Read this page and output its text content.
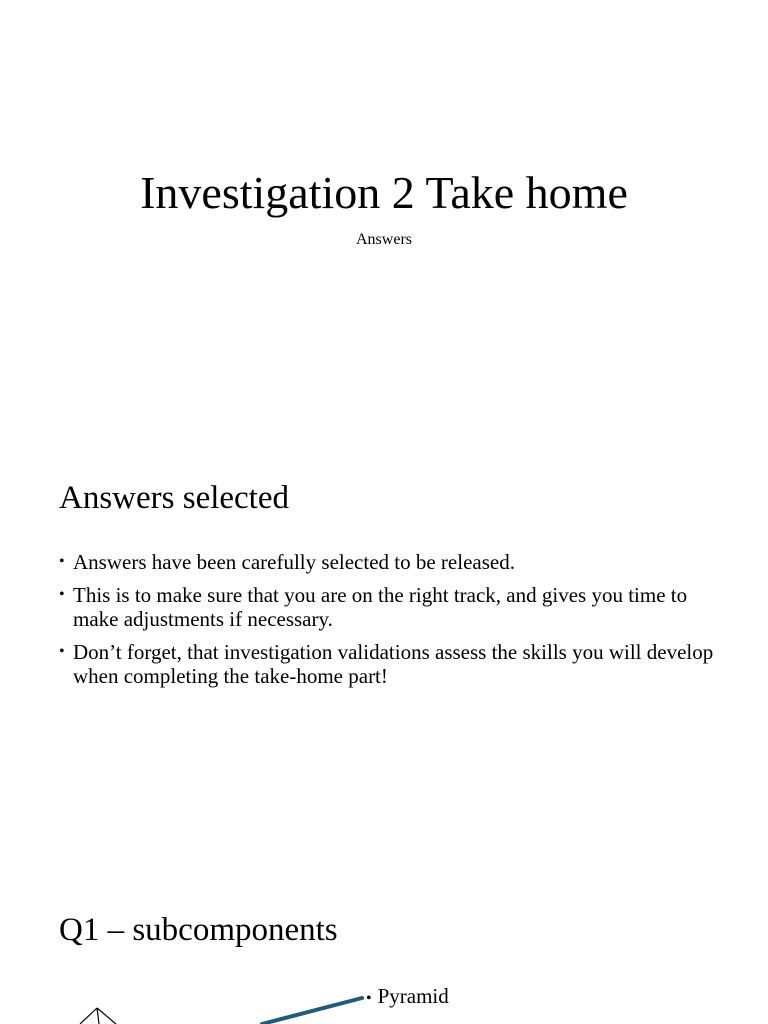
Investigation 2 Take home

Answers

Answers selected
• Answers have been carefully selected to be released.
• This is to make sure that you are on the right track, and gives you time to make adjustments if necessary.
• Don’t forget, that investigation validations assess the skills you will develop when completing the take-home part!
Q1 – subcomponents

• Pyramid
